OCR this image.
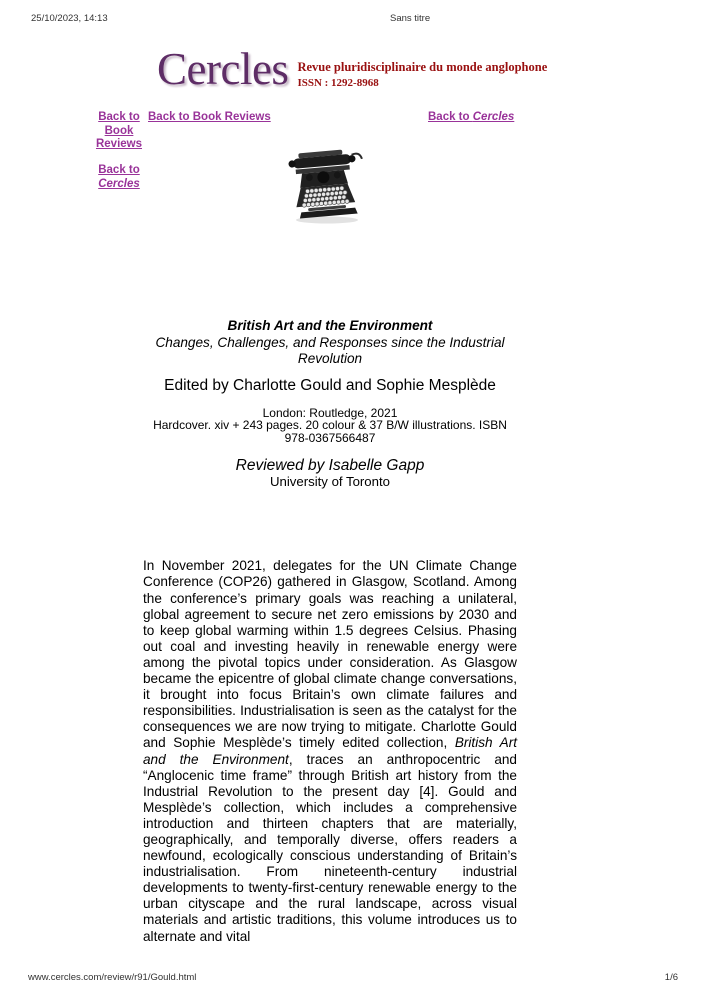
25/10/2023, 14:13	Sans titre
Cercles Revue pluridisciplinaire du monde anglophone
ISSN : 1292-8968
Back to Book Reviews
Back to Book Reviews	Back to Cercles
Back to Cercles
British Art and the Environment
Changes, Challenges, and Responses since the Industrial Revolution

Edited by Charlotte Gould and Sophie Mesplède

London: Routledge, 2021
Hardcover. xiv + 243 pages. 20 colour & 37 B/W illustrations. ISBN 978-0367566487

Reviewed by Isabelle Gapp

University of Toronto

In November 2021, delegates for the UN Climate Change Conference (COP26) gathered in Glasgow, Scotland. Among the conference’s primary goals was reaching a unilateral, global agreement to secure net zero emissions by 2030 and to keep global warming within 1.5 degrees Celsius. Phasing out coal and investing heavily in renewable energy were among the pivotal topics under consideration. As Glasgow became the epicentre of global climate change conversations, it brought into focus Britain’s own climate failures and responsibilities. Industrialisation is seen as the catalyst for the consequences we are now trying to mitigate. Charlotte Gould and Sophie Mesplède’s timely edited collection, British Art and the Environment, traces an anthropocentric and “Anglocenic time frame” through British art history from the Industrial Revolution to the present day [4]. Gould and Mesplède’s collection, which includes a comprehensive introduction and thirteen chapters that are materially, geographically, and temporally diverse, offers readers a newfound, ecologically conscious understanding of Britain’s industrialisation. From nineteenth-century industrial developments to twenty-first-century renewable energy to the urban cityscape and the rural landscape, across visual materials and artistic traditions, this volume introduces us to alternate and vital

www.cercles.com/review/r91/Gould.html	1/6
